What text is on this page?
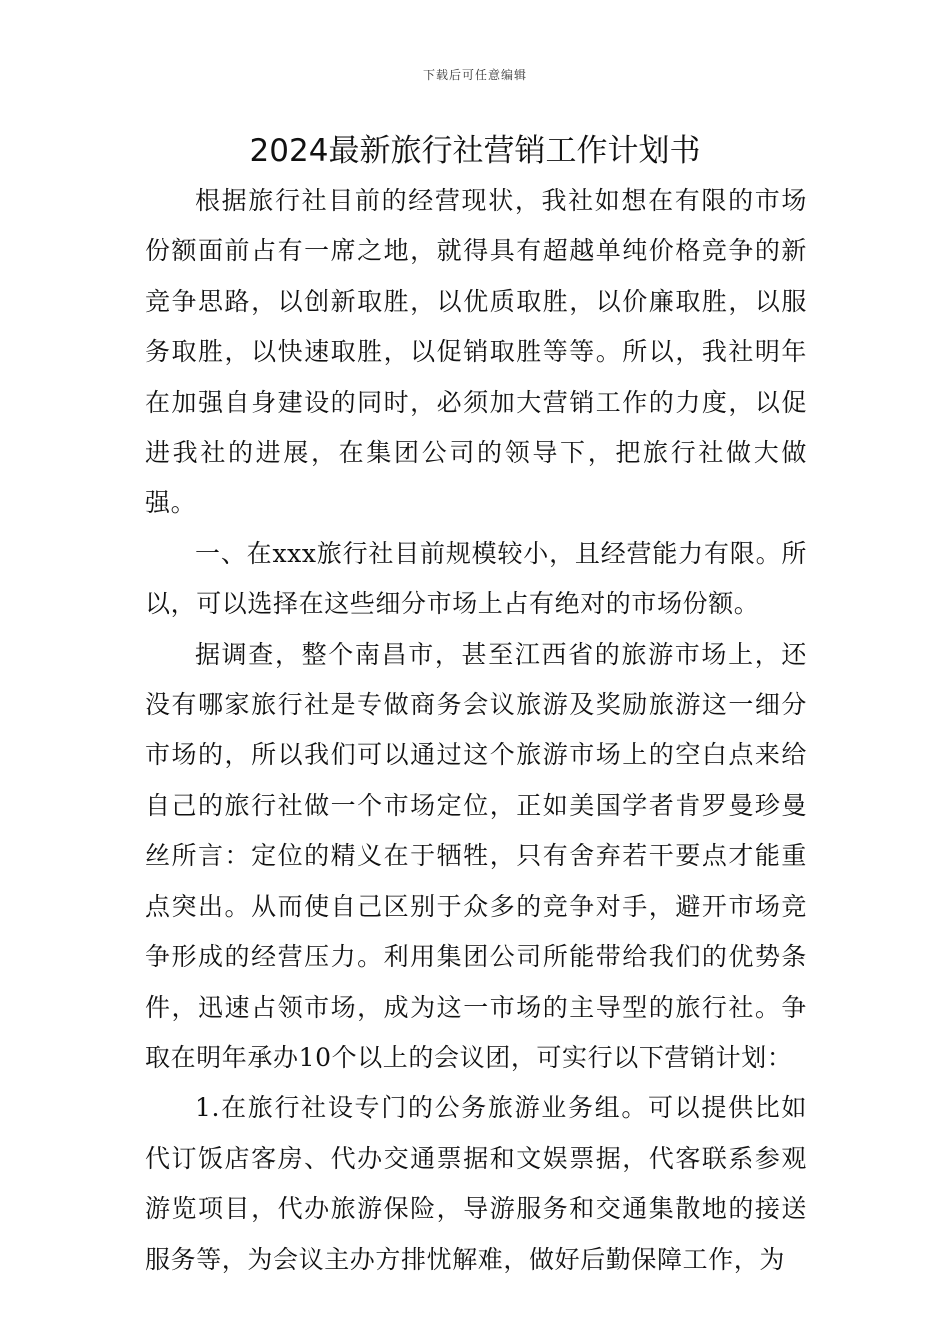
下载后可任意编辑
2024最新旅行社营销工作计划书

根据旅行社目前的经营现状，我社如想在有限的市场份额面前占有一席之地，就得具有超越单纯价格竞争的新竞争思路，以创新取胜，以优质取胜，以价廉取胜，以服务取胜，以快速取胜，以促销取胜等等。所以，我社明年在加强自身建设的同时，必须加大营销工作的力度，以促进我社的进展，在集团公司的领导下，把旅行社做大做强。

一、在xxx旅行社目前规模较小，且经营能力有限。所以，可以选择在这些细分市场上占有绝对的市场份额。

据调查，整个南昌市，甚至江西省的旅游市场上，还没有哪家旅行社是专做商务会议旅游及奖励旅游这一细分市场的，所以我们可以通过这个旅游市场上的空白点来给自己的旅行社做一个市场定位，正如美国学者肯罗曼珍曼丝所言：定位的精义在于牺牲，只有舍弃若干要点才能重点突出。从而使自己区别于众多的竞争对手，避开市场竞争形成的经营压力。利用集团公司所能带给我们的优势条件，迅速占领市场，成为这一市场的主导型的旅行社。争取在明年承办10个以上的会议团，可实行以下营销计划：

1.在旅行社设专门的公务旅游业务组。可以提供比如代订饭店客房、代办交通票据和文娱票据，代客联系参观游览项目，代办旅游保险，导游服务和交通集散地的接送服务等，为会议主办方排忧解难，做好后勤保障工作，为
